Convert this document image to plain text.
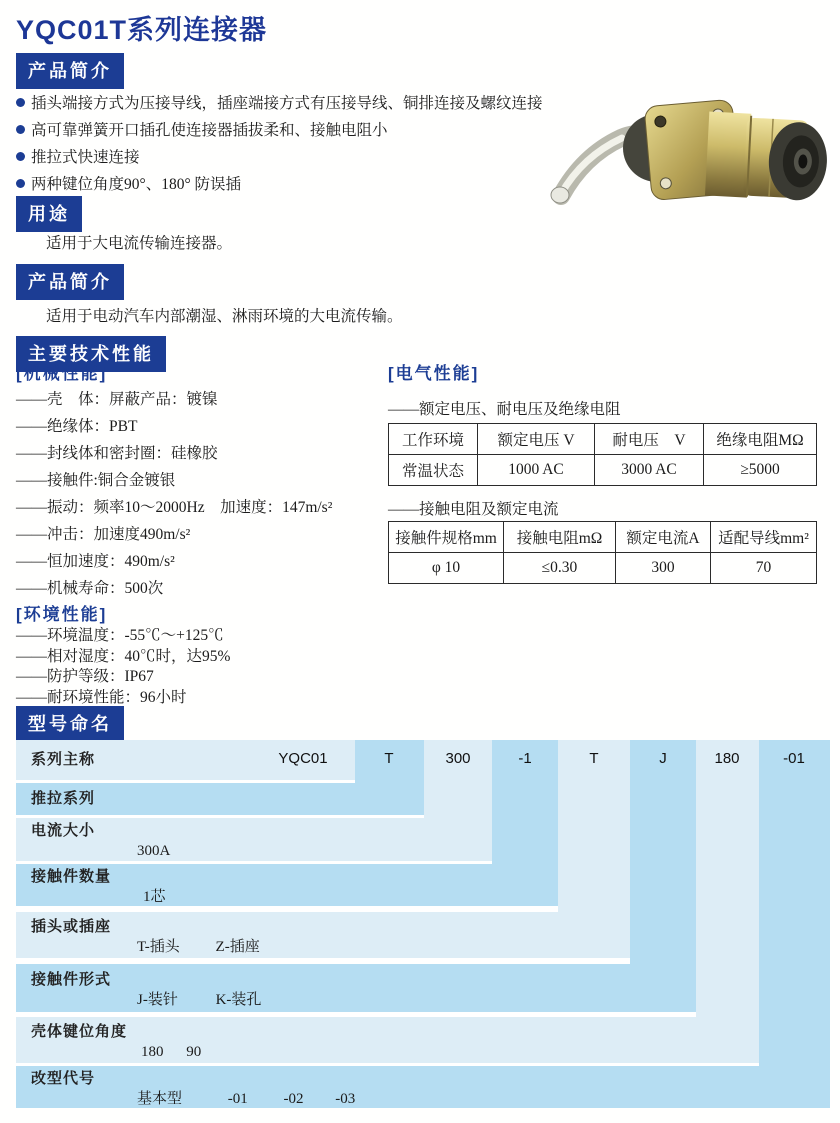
YQC01T系列连接器
产品简介
插头端接方式为压接导线，插座端接方式有压接导线、铜排连接及螺纹连接
高可靠弹簧开口插孔使连接器插拔柔和、接触电阻小
推拉式快速连接
两种键位角度90°、180° 防误插
用途

适用于大电流传输连接器。

产品简介

适用于电动汽车内部潮湿、淋雨环境的大电流传输。

主要技术性能
[机械性能]
——壳　体：屏蔽产品：镀镍
——绝缘体：PBT
——封线体和密封圈：硅橡胶
——接触件:铜合金镀银
——振动：频率10～2000Hz　加速度：147m/s²
——冲击：加速度490m/s²
——恒加速度：490m/s²
——机械寿命：500次
[环境性能]
——环境温度：-55℃～+125℃
——相对湿度：40℃时，达95%
——防护等级：IP67
——耐环境性能：96小时
[电气性能]
——额定电压、耐电压及绝缘电阻
工作环境	额定电压 V	耐电压　V	绝缘电阻MΩ
常温状态	1000 AC	3000 AC	≥5000
——接触电阻及额定电流
接触件规格mm	接触电阻mΩ	额定电流A	适配导线mm²
φ 10	≤0.30	300	70
型号命名
系列主称
推拉系列
电流大小
300A
接触件数量
1芯
插头或插座
T-插头 Z-插座
接触件形式
J-装针	K-装孔
壳体键位角度
180 90
改型代号
基本型	-01 -02 -03
YQC01	T	300	-1	T	J	180	-01
